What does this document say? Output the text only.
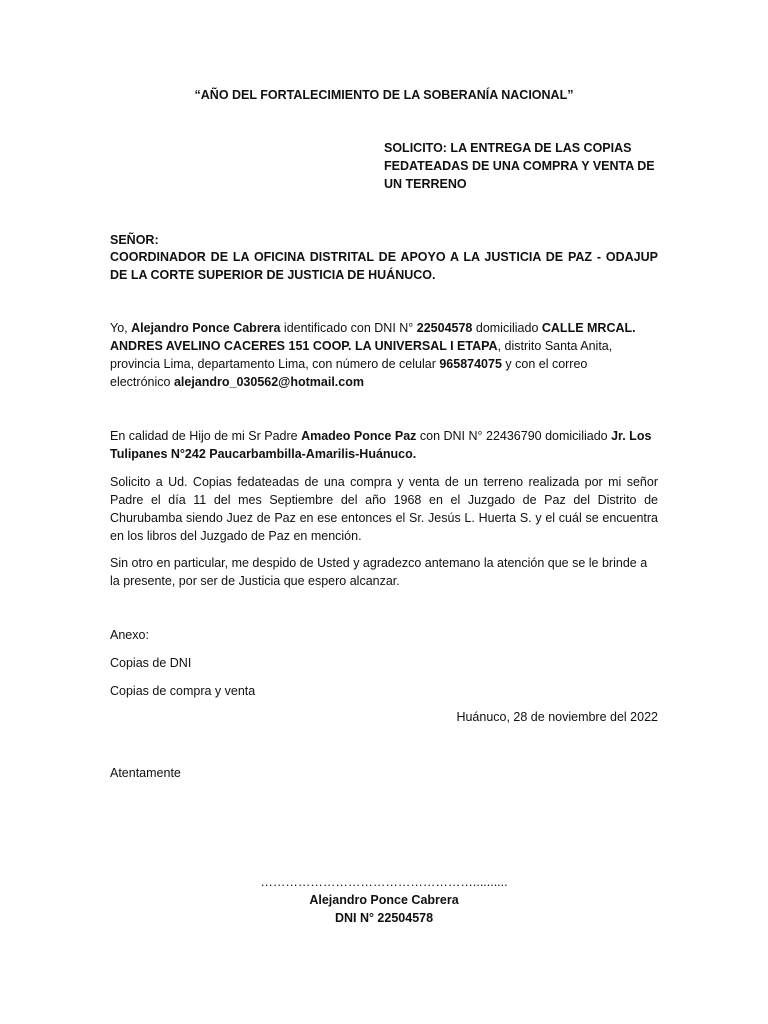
“AÑO DEL FORTALECIMIENTO DE LA SOBERANÍA NACIONAL”

SOLICITO: LA ENTREGA DE LAS COPIAS

FEDATEADAS DE UNA COMPRA Y VENTA DE

UN TERRENO

SEÑOR:
COORDINADOR DE LA OFICINA DISTRITAL DE APOYO A LA JUSTICIA DE PAZ - ODAJUP DE LA CORTE SUPERIOR DE JUSTICIA DE HUÁNUCO.
Yo, Alejandro Ponce Cabrera identificado con DNI N° 22504578 domiciliado CALLE MRCAL. ANDRES AVELINO CACERES 151 COOP. LA UNIVERSAL I ETAPA, distrito Santa Anita, provincia Lima, departamento Lima, con número de celular 965874075 y con el correo electrónico alejandro_030562@hotmail.com
En calidad de Hijo de mi Sr Padre Amadeo Ponce Paz con DNI N° 22436790 domiciliado Jr. Los Tulipanes N°242 Paucarbambilla-Amarilis-Huánuco.
Solicito a Ud. Copias fedateadas de una compra y venta de un terreno realizada por mi señor Padre el día 11 del mes Septiembre del año 1968 en el Juzgado de Paz del Distrito de Churubamba siendo Juez de Paz en ese entonces el Sr. Jesús L. Huerta S. y el cuál se encuentra en los libros del Juzgado de Paz en mención.
Sin otro en particular, me despido de Usted y agradezco antemano la atención que se le brinde a la presente, por ser de Justicia que espero alcanzar.
Anexo:
Copias de DNI
Copias de compra y venta
Huánuco, 28 de noviembre del 2022
Atentamente

……………………………………………..........

Alejandro Ponce Cabrera

DNI N° 22504578
